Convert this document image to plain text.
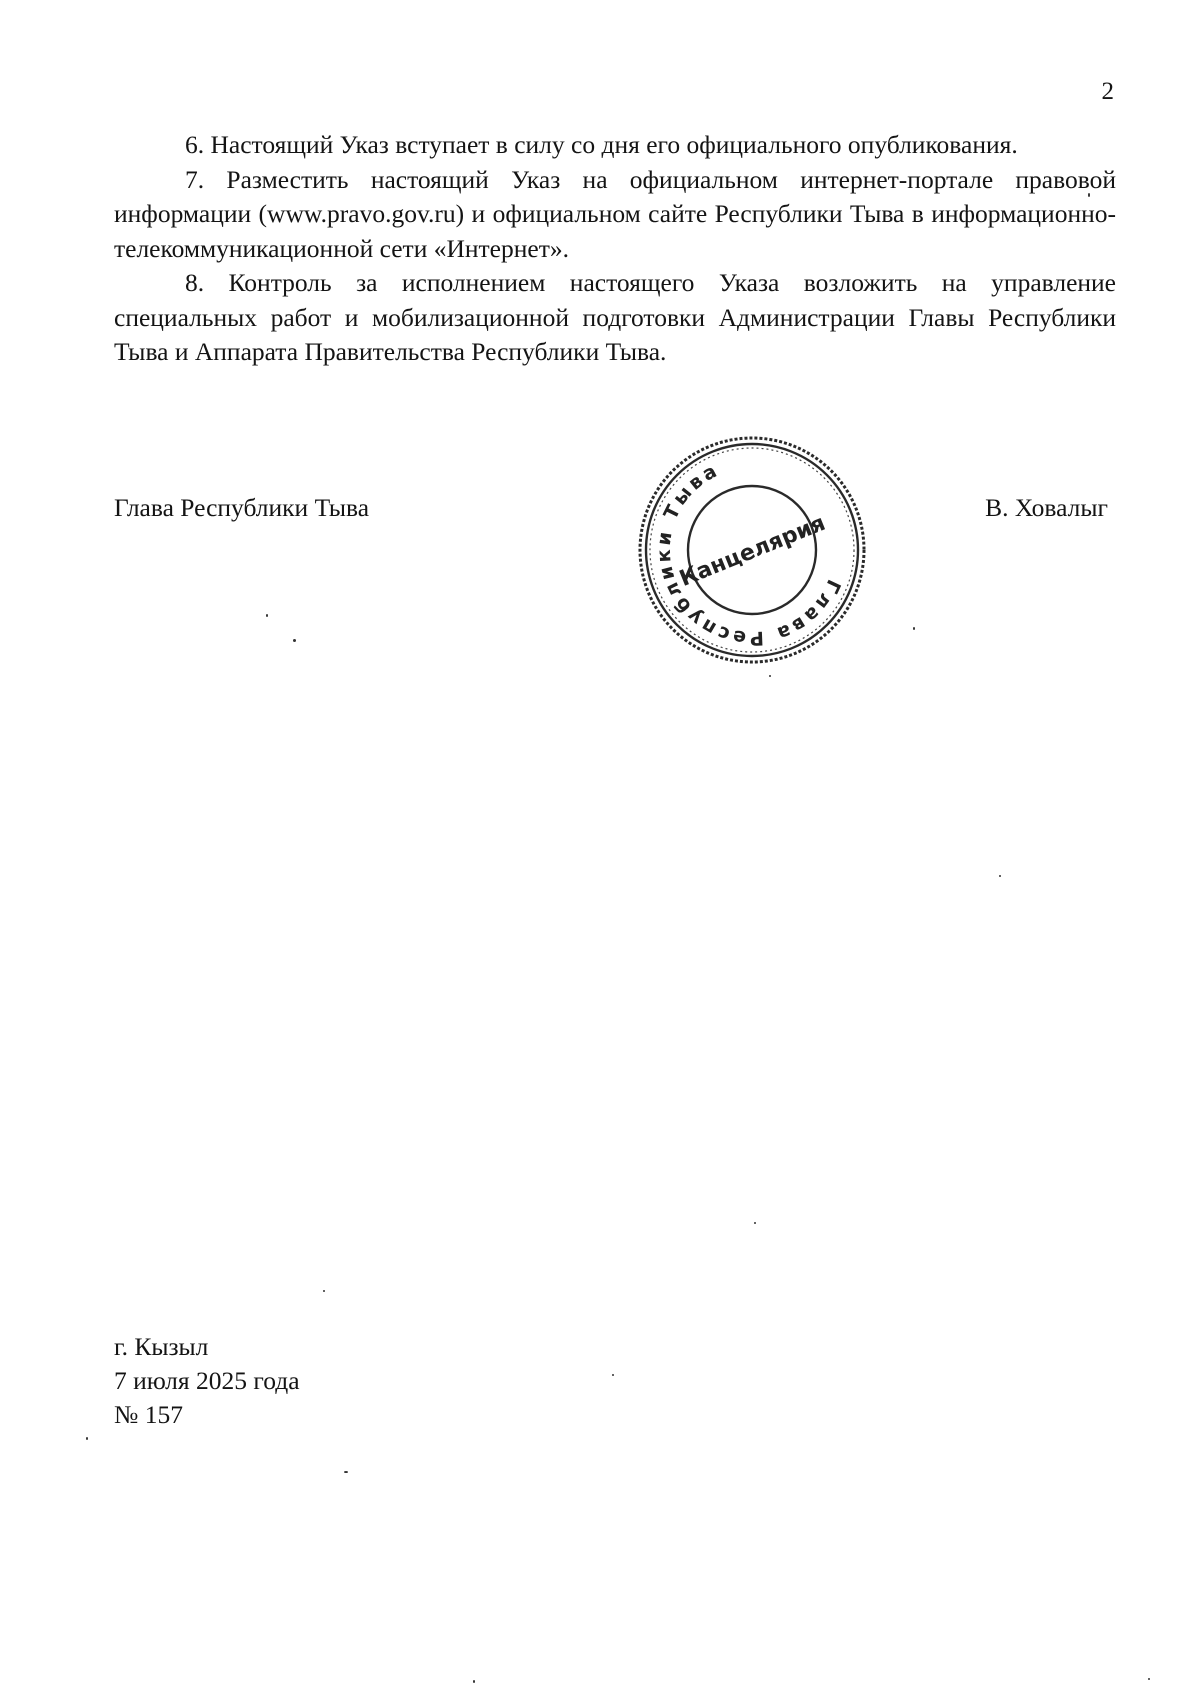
2

6. Настоящий Указ вступает в силу со дня его официального опубликования.

7. Разместить настоящий Указ на официальном интернет-портале правовой информации (www.pravo.gov.ru) и официальном сайте Республики Тыва в информационно-телекоммуникационной сети «Интернет».

8. Контроль за исполнением настоящего Указа возложить на управление специальных работ и мобилизационной подготовки Администрации Главы Республики Тыва и Аппарата Правительства Республики Тыва.

Глава Республики Тыва	В. Ховалыг
Глава Республики Тыва
Канцелярия
г. Кызыл
7 июля 2025 года
№ 157
